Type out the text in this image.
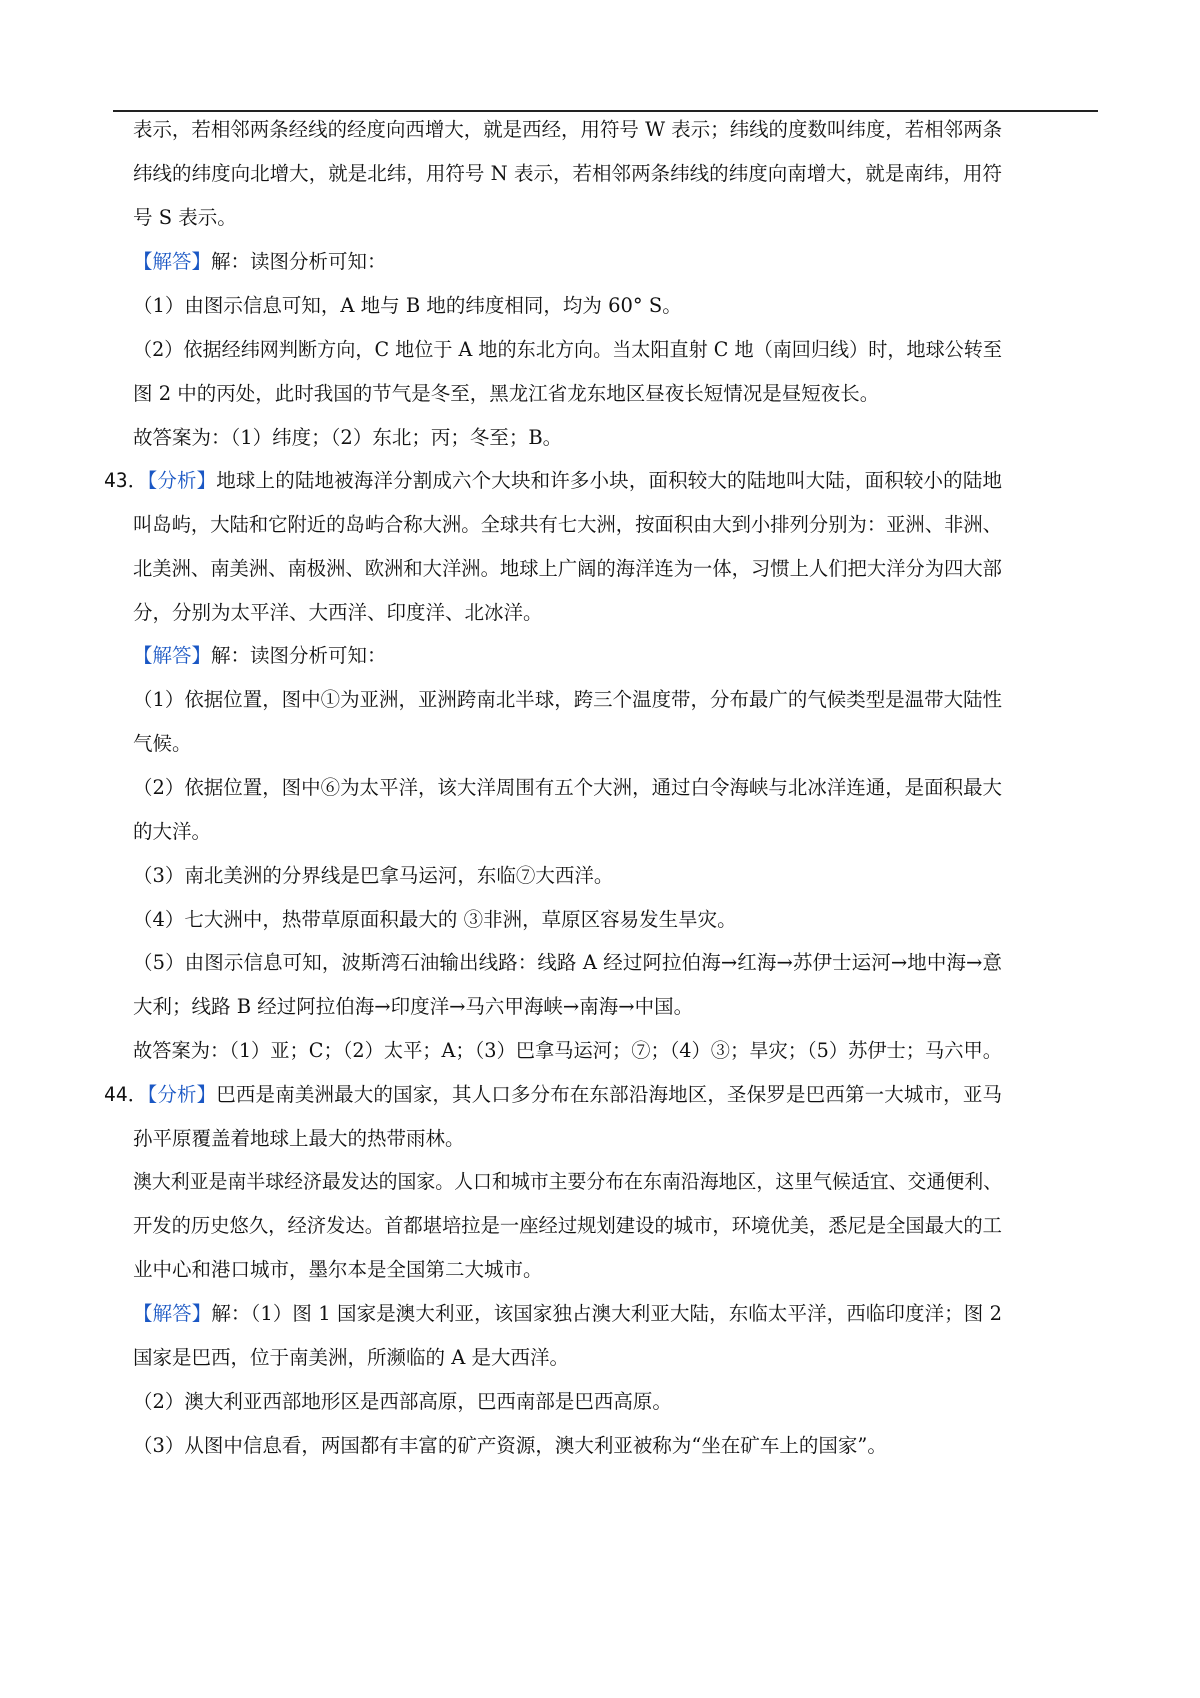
表示，若相邻两条经线的经度向西增大，就是西经，用符号 W 表示；纬线的度数叫纬度，若相邻两条
纬线的纬度向北增大，就是北纬，用符号 N 表示，若相邻两条纬线的纬度向南增大，就是南纬，用符
号 S 表示。
【解答】解：读图分析可知：
（1）由图示信息可知，A 地与 B 地的纬度相同，均为 60° S。
（2）依据经纬网判断方向，C 地位于 A 地的东北方向。当太阳直射 C 地（南回归线）时，地球公转至
图 2 中的丙处，此时我国的节气是冬至，黑龙江省龙东地区昼夜长短情况是昼短夜长。
故答案为：（1）纬度；（2）东北；丙；冬至；B。
43．【分析】地球上的陆地被海洋分割成六个大块和许多小块，面积较大的陆地叫大陆，面积较小的陆地
叫岛屿，大陆和它附近的岛屿合称大洲。全球共有七大洲，按面积由大到小排列分别为：亚洲、非洲、
北美洲、南美洲、南极洲、欧洲和大洋洲。地球上广阔的海洋连为一体，习惯上人们把大洋分为四大部
分，分别为太平洋、大西洋、印度洋、北冰洋。
【解答】解：读图分析可知：
（1）依据位置，图中①为亚洲，亚洲跨南北半球，跨三个温度带，分布最广的气候类型是温带大陆性
气候。
（2）依据位置，图中⑥为太平洋，该大洋周围有五个大洲，通过白令海峡与北冰洋连通，是面积最大
的大洋。
（3）南北美洲的分界线是巴拿马运河，东临⑦大西洋。
（4）七大洲中，热带草原面积最大的 ③非洲，草原区容易发生旱灾。
（5）由图示信息可知，波斯湾石油输出线路：线路 A 经过阿拉伯海→红海→苏伊士运河→地中海→意
大利；线路 B 经过阿拉伯海→印度洋→马六甲海峡→南海→中国。
故答案为：（1）亚；C；（2）太平；A；（3）巴拿马运河；⑦；（4）③；旱灾；（5）苏伊士；马六甲。
44．【分析】巴西是南美洲最大的国家，其人口多分布在东部沿海地区，圣保罗是巴西第一大城市，亚马
孙平原覆盖着地球上最大的热带雨林。
澳大利亚是南半球经济最发达的国家。人口和城市主要分布在东南沿海地区，这里气候适宜、交通便利、
开发的历史悠久，经济发达。首都堪培拉是一座经过规划建设的城市，环境优美，悉尼是全国最大的工
业中心和港口城市，墨尔本是全国第二大城市。
【解答】解：（1）图 1 国家是澳大利亚，该国家独占澳大利亚大陆，东临太平洋，西临印度洋；图 2
国家是巴西，位于南美洲，所濒临的 A 是大西洋。
（2）澳大利亚西部地形区是西部高原，巴西南部是巴西高原。
（3）从图中信息看，两国都有丰富的矿产资源，澳大利亚被称为“坐在矿车上的国家”。
